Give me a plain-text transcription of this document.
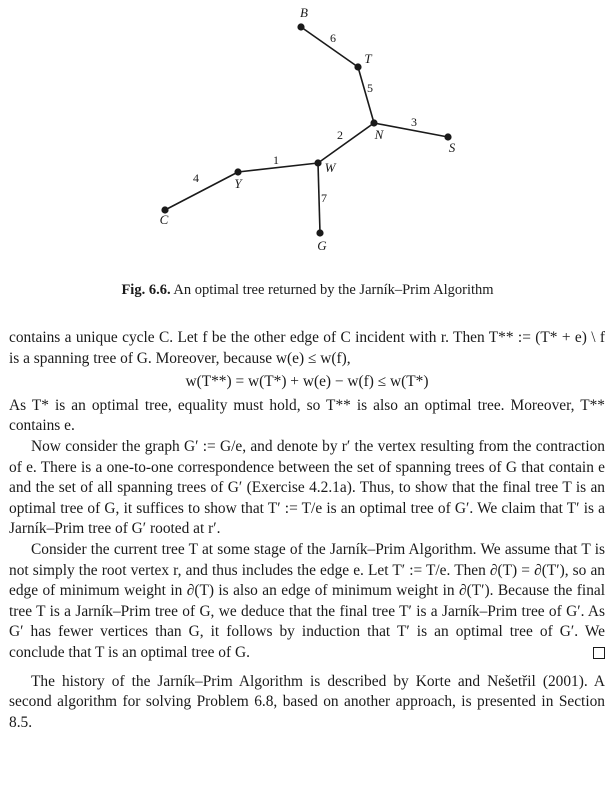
6
5
3
2
1
4
7
B
T
N
S
W
Y
C
G
Fig. 6.6. An optimal tree returned by the Jarník–Prim Algorithm

contains a unique cycle C. Let f be the other edge of C incident with r. Then T** := (T* + e) \ f is a spanning tree of G. Moreover, because w(e) ≤ w(f),

w(T**) = w(T*) + w(e) − w(f) ≤ w(T*)

As T* is an optimal tree, equality must hold, so T** is also an optimal tree. Moreover, T** contains e.

Now consider the graph G′ := G/e, and denote by r′ the vertex resulting from the contraction of e. There is a one-to-one correspondence between the set of spanning trees of G that contain e and the set of all spanning trees of G′ (Exercise 4.2.1a). Thus, to show that the final tree T is an optimal tree of G, it suffices to show that T′ := T/e is an optimal tree of G′. We claim that T′ is a Jarník–Prim tree of G′ rooted at r′.

Consider the current tree T at some stage of the Jarník–Prim Algorithm. We assume that T is not simply the root vertex r, and thus includes the edge e. Let T′ := T/e. Then ∂(T) = ∂(T′), so an edge of minimum weight in ∂(T) is also an edge of minimum weight in ∂(T′). Because the final tree T is a Jarník–Prim tree of G, we deduce that the final tree T′ is a Jarník–Prim tree of G′. As G′ has fewer vertices than G, it follows by induction that T′ is an optimal tree of G′. We conclude that T is an optimal tree of G.

The history of the Jarník–Prim Algorithm is described by Korte and Nešetřil (2001). A second algorithm for solving Problem 6.8, based on another approach, is presented in Section 8.5.
